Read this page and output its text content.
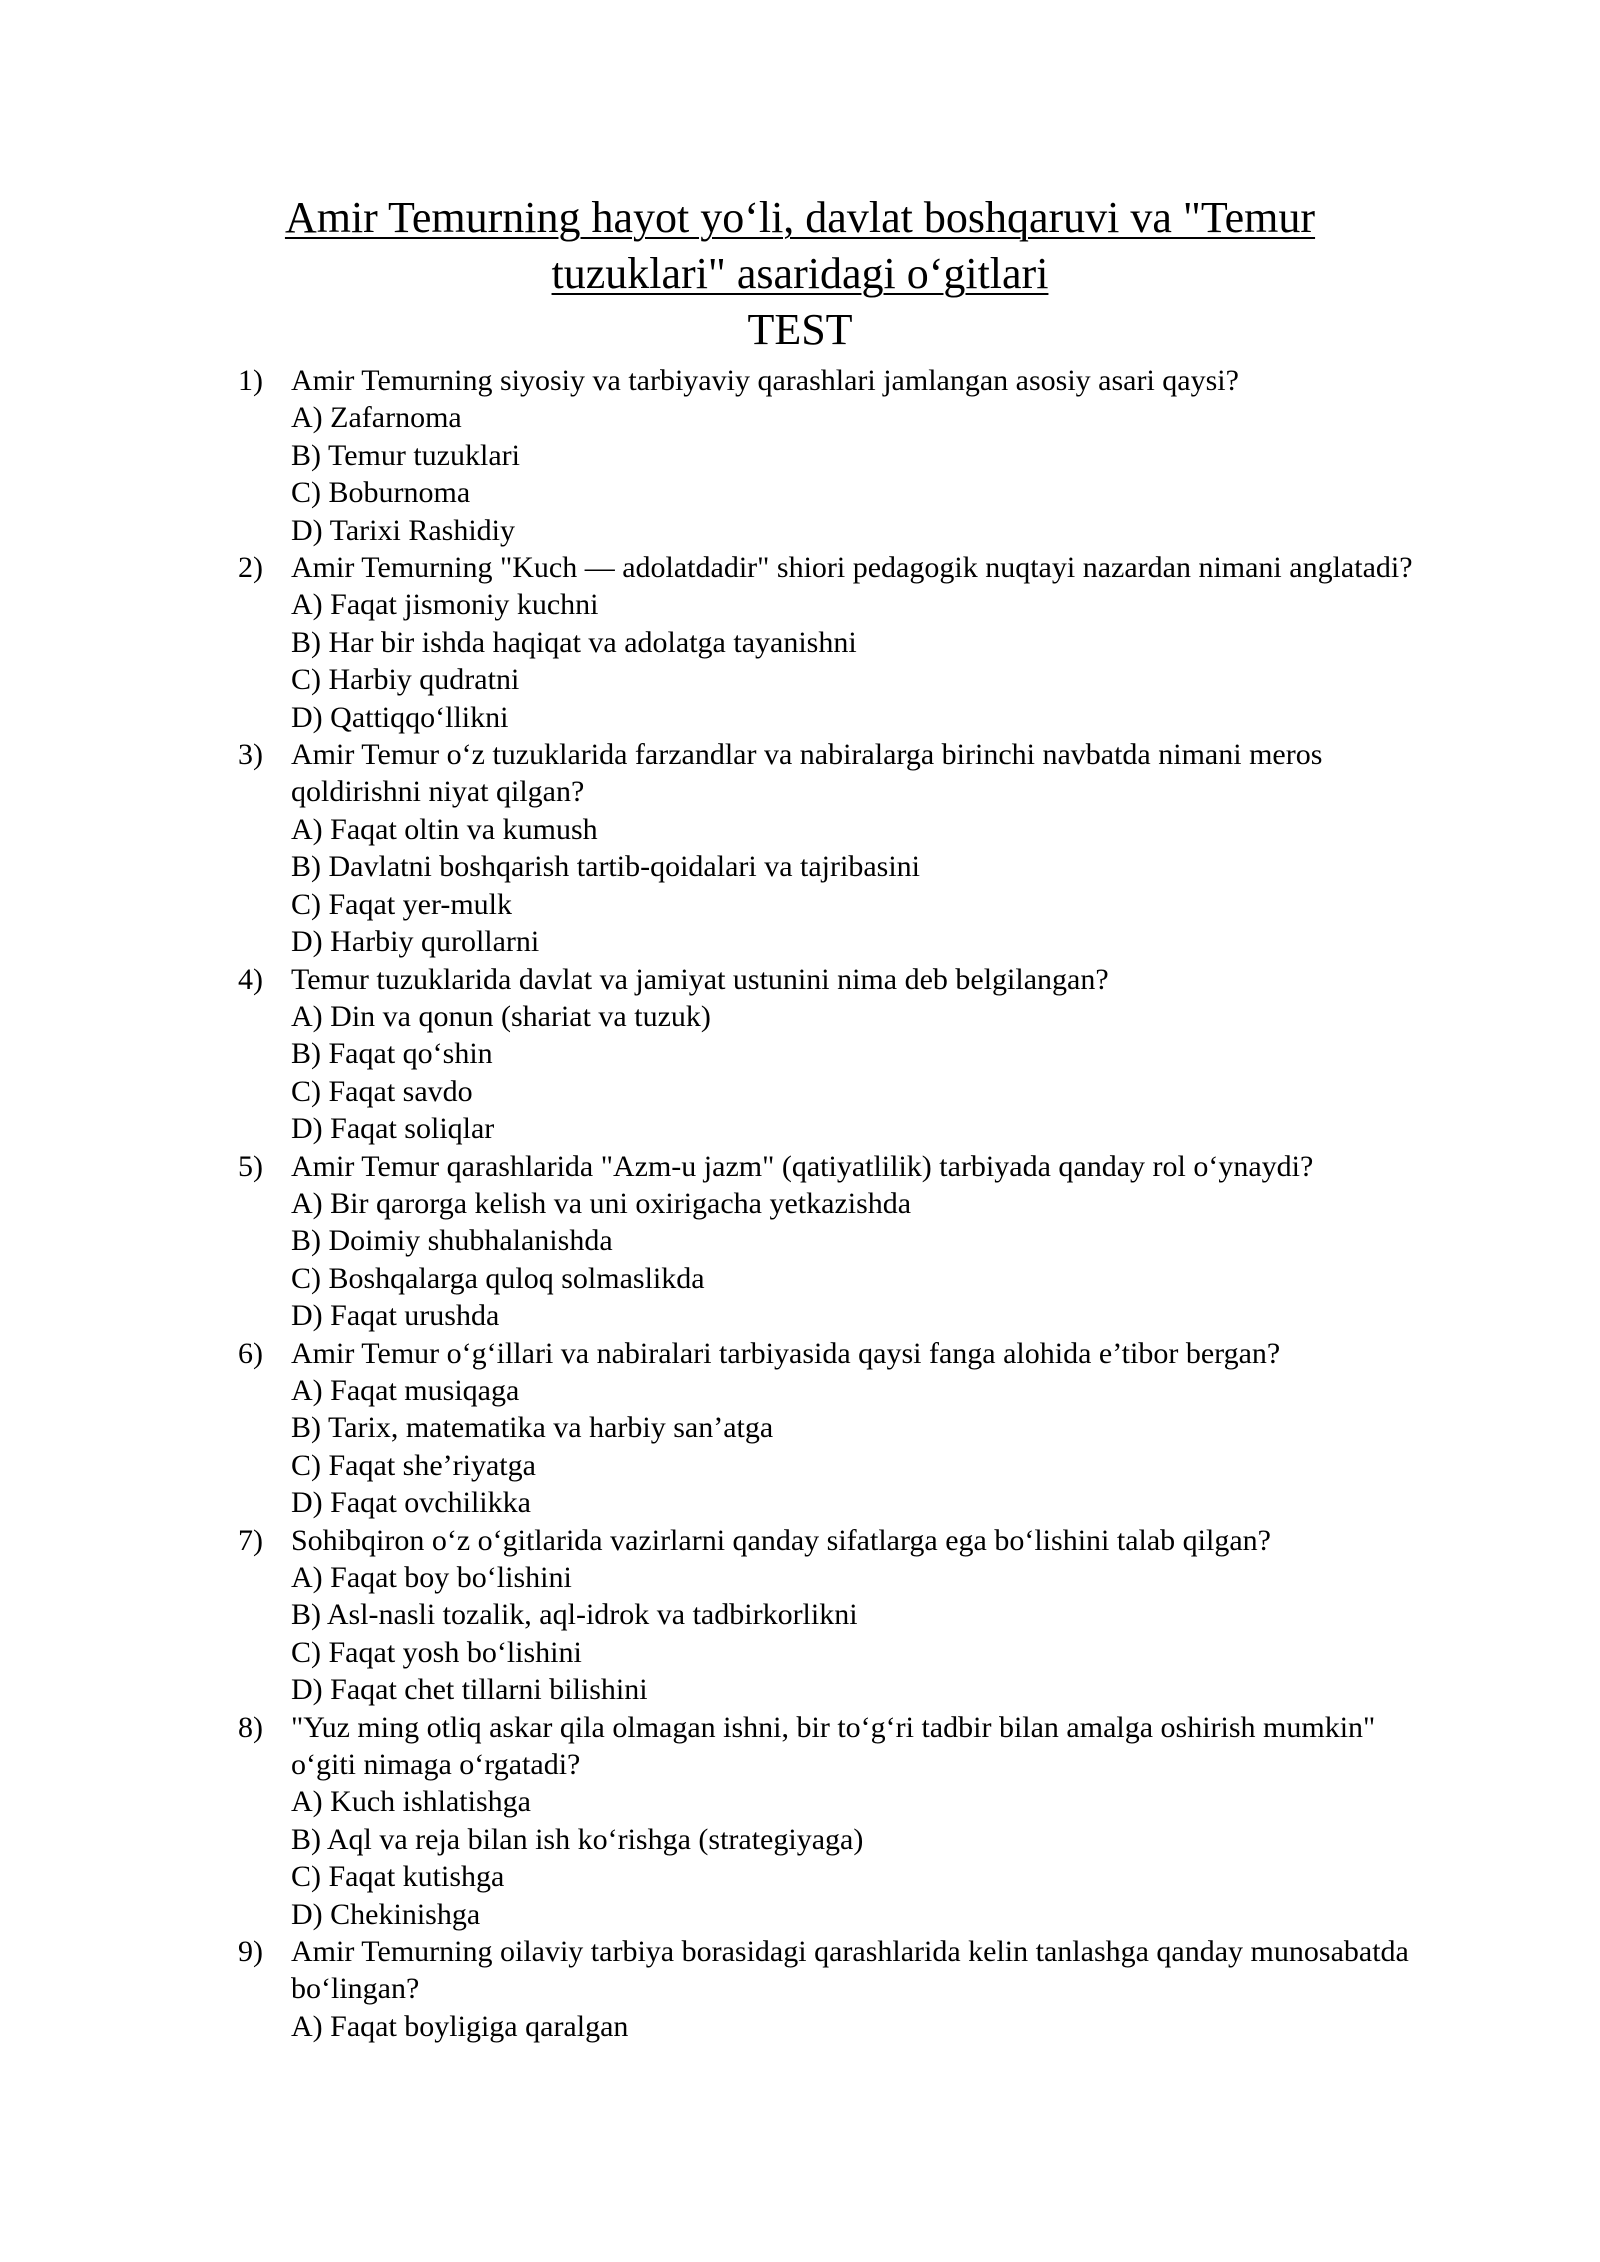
Amir Temurning hayot yo‘li, davlat boshqaruvi va "Temur
tuzuklari" asaridagi o‘gitlari
TEST
1) Amir Temurning siyosiy va tarbiyaviy qarashlari jamlangan asosiy asari qaysi?
A) Zafarnoma
B) Temur tuzuklari
C) Boburnoma
D) Tarixi Rashidiy
2) Amir Temurning "Kuch — adolatdadir" shiori pedagogik nuqtayi nazardan nimani anglatadi?
A) Faqat jismoniy kuchni
B) Har bir ishda haqiqat va adolatga tayanishni
C) Harbiy qudratni
D) Qattiqqo‘llikni
3) Amir Temur o‘z tuzuklarida farzandlar va nabiralarga birinchi navbatda nimani meros qoldirishni niyat qilgan?
A) Faqat oltin va kumush
B) Davlatni boshqarish tartib-qoidalari va tajribasini
C) Faqat yer-mulk
D) Harbiy qurollarni
4) Temur tuzuklarida davlat va jamiyat ustunini nima deb belgilangan?
A) Din va qonun (shariat va tuzuk)
B) Faqat qo‘shin
C) Faqat savdo
D) Faqat soliqlar
5) Amir Temur qarashlarida "Azm-u jazm" (qatiyatlilik) tarbiyada qanday rol o‘ynaydi?
A) Bir qarorga kelish va uni oxirigacha yetkazishda
B) Doimiy shubhalanishda
C) Boshqalarga quloq solmaslikda
D) Faqat urushda
6) Amir Temur o‘g‘illari va nabiralari tarbiyasida qaysi fanga alohida e’tibor bergan?
A) Faqat musiqaga
B) Tarix, matematika va harbiy san’atga
C) Faqat she’riyatga
D) Faqat ovchilikka
7) Sohibqiron o‘z o‘gitlarida vazirlarni qanday sifatlarga ega bo‘lishini talab qilgan?
A) Faqat boy bo‘lishini
B) Asl-nasli tozalik, aql-idrok va tadbirkorlikni
C) Faqat yosh bo‘lishini
D) Faqat chet tillarni bilishini
8) "Yuz ming otliq askar qila olmagan ishni, bir to‘g‘ri tadbir bilan amalga oshirish mumkin" o‘giti nimaga o‘rgatadi?
A) Kuch ishlatishga
B) Aql va reja bilan ish ko‘rishga (strategiyaga)
C) Faqat kutishga
D) Chekinishga
9) Amir Temurning oilaviy tarbiya borasidagi qarashlarida kelin tanlashga qanday munosabatda bo‘lingan?
A) Faqat boyligiga qaralgan
